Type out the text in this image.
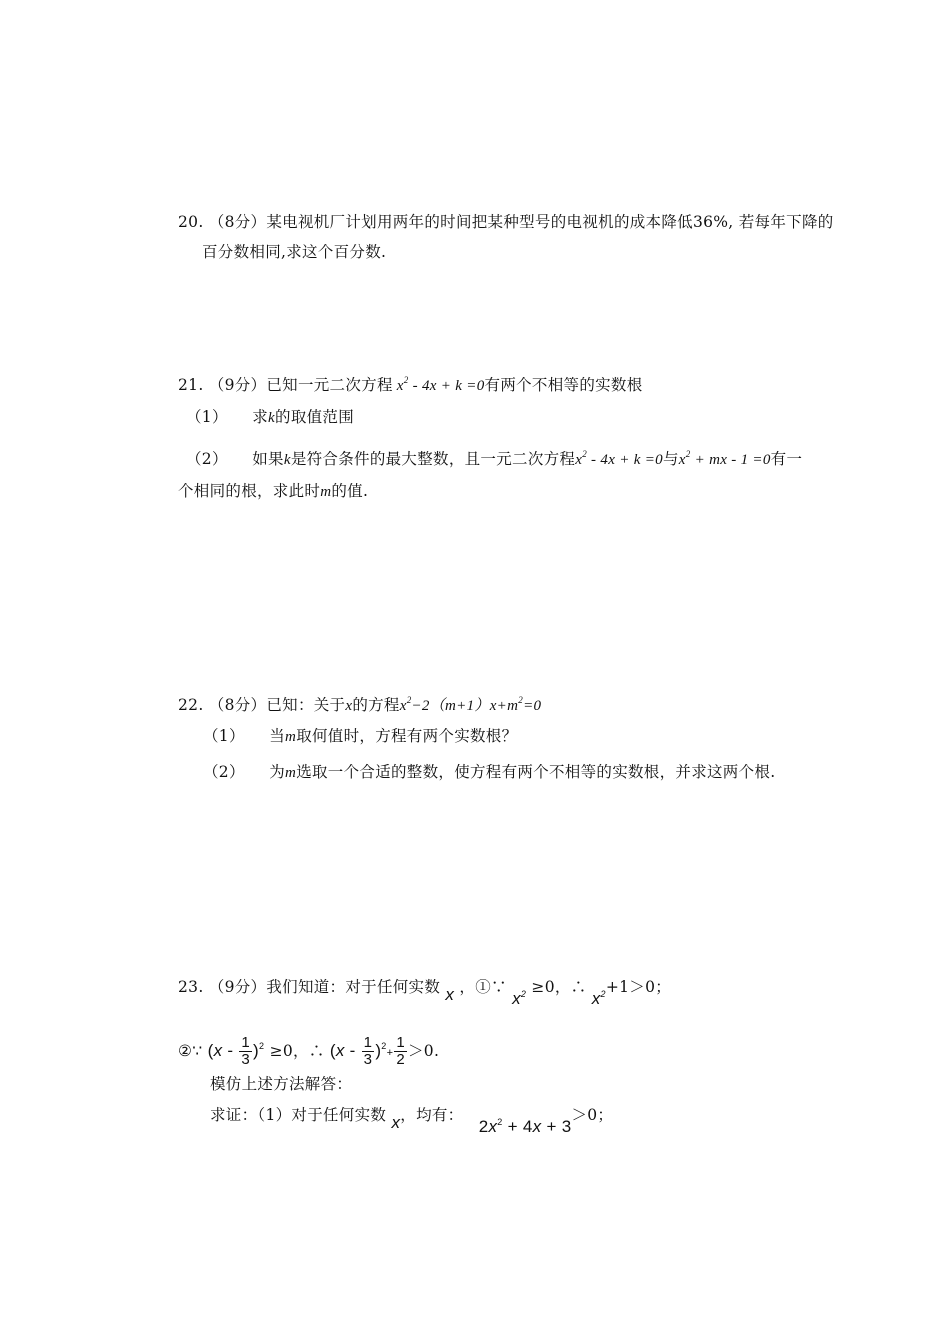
20. （8分）某电视机厂计划用两年的时间把某种型号的电视机的成本降低36%, 若每年下降的
百分数相同,求这个百分数.
21. （9分）已知一元二次方程 $x^2 - 4x + k =0$有两个不相等的实数根
（1） 求k的取值范围
（2） 如果k是符合条件的最大整数，且一元二次方程$x^2 - 4x + k =0$与$x^2$ + mx - 1 =0有一
个相同的根，求此时m的值.
22. （8分）已知：关于x的方程$x^2-2(m+1)x+m^2=0$
（1） 当m取何值时，方程有两个实数根？
（2） 为m选取一个合适的整数，使方程有两个不相等的实数根，并求这两个根.
23. （9分）我们知道：对于任何实数 x ，①∵ $x^2 \ge 0$，∴ $x^2+1>0$；
②∵ $(x - \frac{1}{3} )^2 \ge 0$，∴ $(x - \frac{1}{3} )^2+ \frac{1}{2} >0$.
模仿上述方法解答：
求证：（1）对于任何实数 x，均有： $2x^2 + 4x + 3>0$；
